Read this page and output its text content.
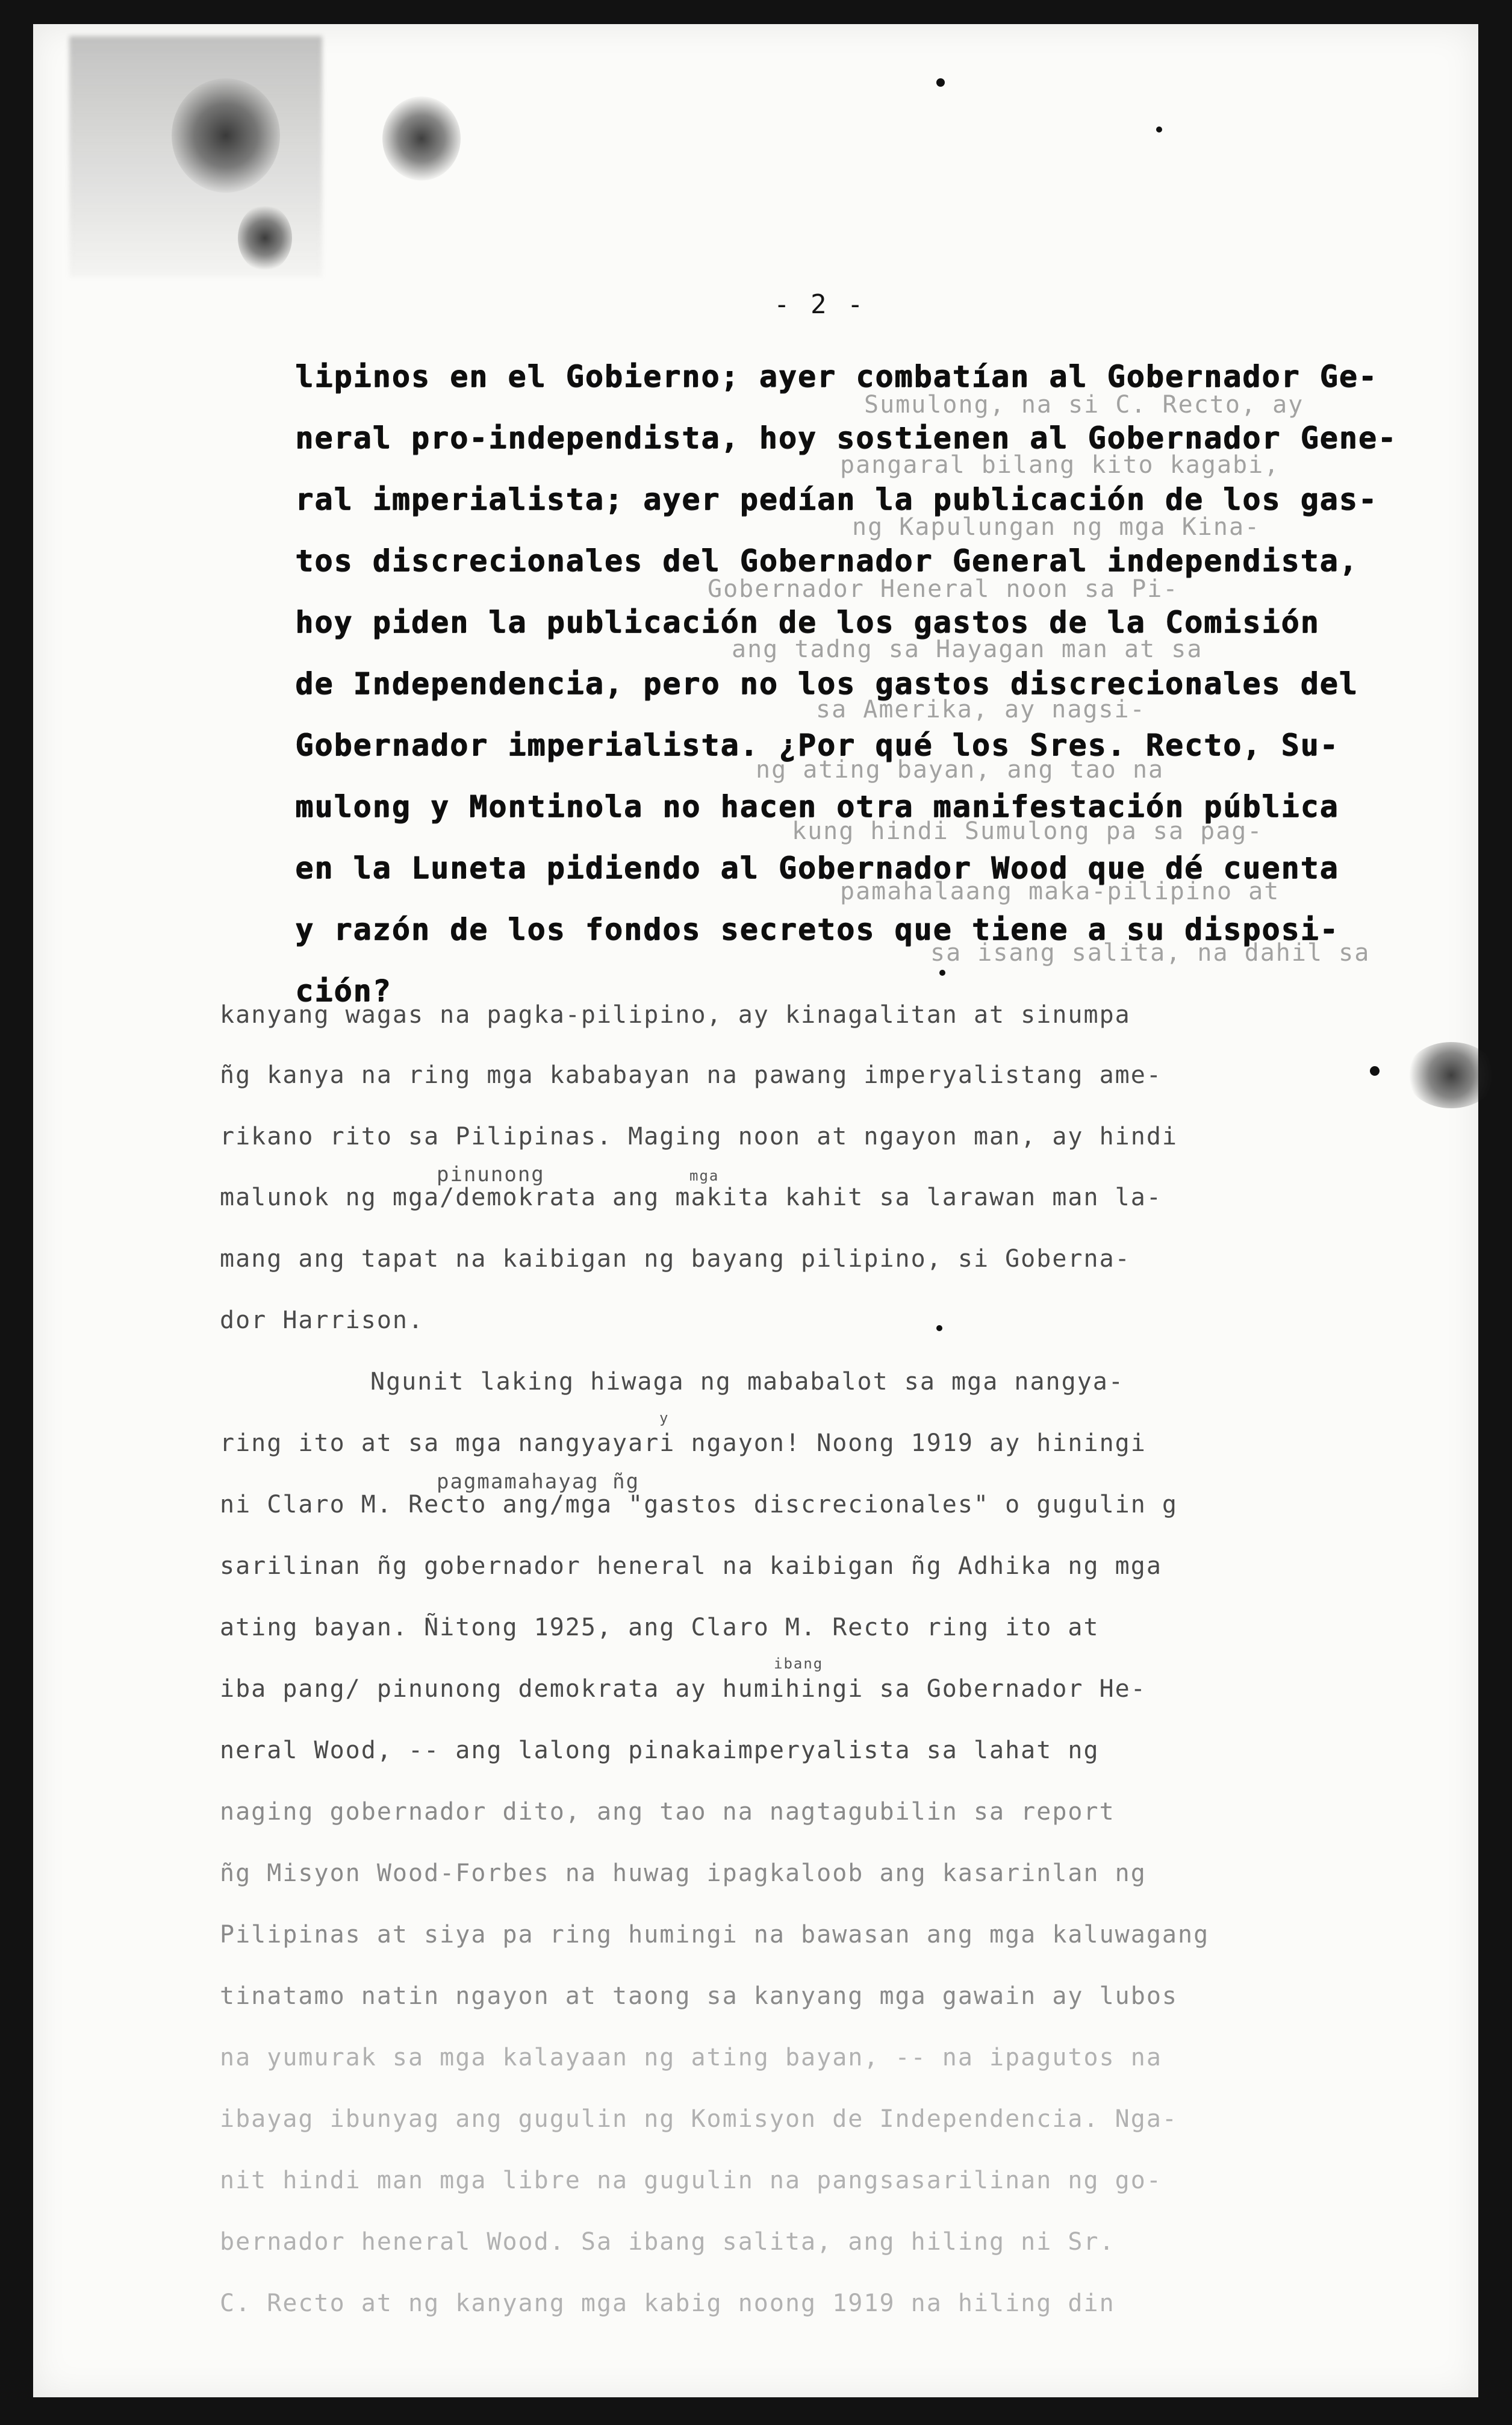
- 2 -
Sumulong, na si C. Recto, ay
pangaral bilang kito kagabi,
ng Kapulungan ng mga Kina-
Gobernador Heneral noon sa Pi-
ang tadng sa Hayagan man at sa
sa Amerika, ay nagsi-
ng ating bayan, ang tao na
kung hindi Sumulong pa sa pag-
pamahalaang maka-pilipino at
sa isang salita, na dahil sa
lipinos en el Gobierno; ayer combatían al Gobernador Ge-
neral pro-independista, hoy sostienen al Gobernador Gene-
ral imperialista; ayer pedían la publicación de los gas-
tos discrecionales del Gobernador General independista,
hoy piden la publicación de los gastos de la Comisión
de Independencia, pero no los gastos discrecionales del
Gobernador imperialista. ¿Por qué los Sres. Recto, Su-
mulong y Montinola no hacen otra manifestación pública
en la Luneta pidiendo al Gobernador Wood que dé cuenta
y razón de los fondos secretos que tiene a su disposi-
ción?
kanyang wagas na pagka-pilipino, ay kinagalitan at sinumpa
ñg kanya na ring mga kababayan na pawang imperyalistang ame-
rikano rito sa Pilipinas. Maging noon at ngayon man, ay hindi
pinunong	mga
malunok ng mga/demokrata ang makita kahit sa larawan man la-
mang ang tapat na kaibigan ng bayang pilipino, si Goberna-
dor Harrison.
Ngunit laking hiwaga ng mababalot sa mga nangya-
y
ring ito at sa mga nangyayari ngayon! Noong 1919 ay hiningi
pagmamahayag ñg
ni Claro M. Recto ang/mga "gastos discrecionales" o gugulin g
sarilinan ñg gobernador heneral na kaibigan ñg Adhika ng mga
ating bayan. Ñitong 1925, ang Claro M. Recto ring ito at
ibang
iba pang/ pinunong demokrata ay humihingi sa Gobernador He-
neral Wood, -- ang lalong pinakaimperyalista sa lahat ng
naging gobernador dito, ang tao na nagtagubilin sa report
ñg Misyon Wood-Forbes na huwag ipagkaloob ang kasarinlan ng
Pilipinas at siya pa ring humingi na bawasan ang mga kaluwagang
tinatamo natin ngayon at taong sa kanyang mga gawain ay lubos
na yumurak sa mga kalayaan ng ating bayan, -- na ipagutos na
ibayag ibunyag ang gugulin ng Komisyon de Independencia. Nga-
nit hindi man mga libre na gugulin na pangsasarilinan ng go-
bernador heneral Wood. Sa ibang salita, ang hiling ni Sr.
C. Recto at ng kanyang mga kabig noong 1919 na hiling din
